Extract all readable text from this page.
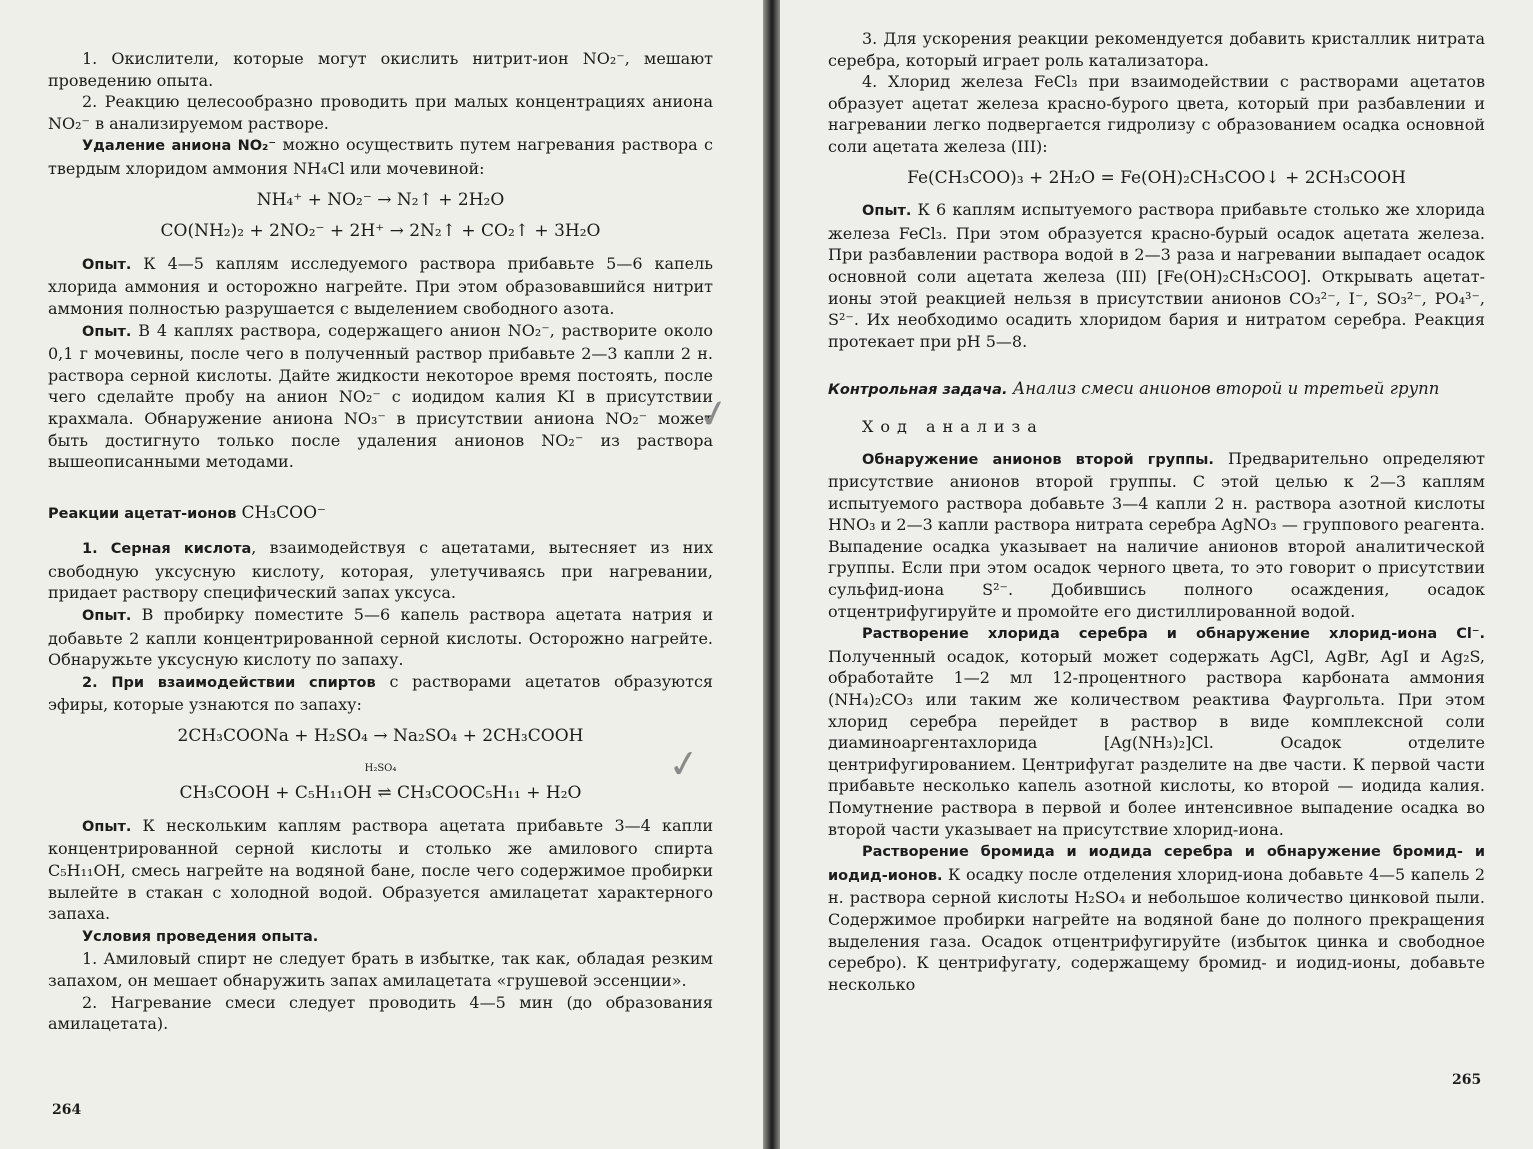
1. Окислители, которые могут окислить нитрит-ион NO₂⁻, мешают проведению опыта.

2. Реакцию целесообразно проводить при малых концентрациях аниона NO₂⁻ в анализируемом растворе.

Удаление аниона NO₂⁻ можно осуществить путем нагревания раствора с твердым хлоридом аммония NH₄Cl или мочевиной:

NH₄⁺ + NO₂⁻ → N₂↑ + 2H₂O

CO(NH₂)₂ + 2NO₂⁻ + 2H⁺ → 2N₂↑ + CO₂↑ + 3H₂O

Опыт. К 4—5 каплям исследуемого раствора прибавьте 5—6 капель хлорида аммония и осторожно нагрейте. При этом образовавшийся нитрит аммония полностью разрушается с выделением свободного азота.

Опыт. В 4 каплях раствора, содержащего анион NO₂⁻, растворите около 0,1 г мочевины, после чего в полученный раствор прибавьте 2—3 капли 2 н. раствора серной кислоты. Дайте жидкости некоторое время постоять, после чего сделайте пробу на анион NO₂⁻ с иодидом калия KI в присутствии крахмала. Обнаружение аниона NO₃⁻ в присутствии аниона NO₂⁻ может быть достигнуто только после удаления анионов NO₂⁻ из раствора вышеописанными методами.

Реакции ацетат-ионов CH₃COO⁻

1. Серная кислота, взаимодействуя с ацетатами, вытесняет из них свободную уксусную кислоту, которая, улетучиваясь при нагревании, придает раствору специфический запах уксуса.

Опыт. В пробирку поместите 5—6 капель раствора ацетата натрия и добавьте 2 капли концентрированной серной кислоты. Осторожно нагрейте. Обнаружьте уксусную кислоту по запаху.

2. При взаимодействии спиртов с растворами ацетатов образуются эфиры, которые узнаются по запаху:

2CH₃COONa + H₂SO₄ → Na₂SO₄ + 2CH₃COOH

H₂SO₄

CH₃COOH + C₅H₁₁OH ⇌ CH₃COOC₅H₁₁ + H₂O

Опыт. К нескольким каплям раствора ацетата прибавьте 3—4 капли концентрированной серной кислоты и столько же амилового спирта C₅H₁₁OH, смесь нагрейте на водяной бане, после чего содержимое пробирки вылейте в стакан с холодной водой. Образуется амилацетат характерного запаха.

Условия проведения опыта.

1. Амиловый спирт не следует брать в избытке, так как, обладая резким запахом, он мешает обнаружить запах амилацетата «грушевой эссенции».

2. Нагревание смеси следует проводить 4—5 мин (до образования амилацетата).

3. Для ускорения реакции рекомендуется добавить кристаллик нитрата серебра, который играет роль катализатора.

4. Хлорид железа FeCl₃ при взаимодействии с растворами ацетатов образует ацетат железа красно-бурого цвета, который при разбавлении и нагревании легко подвергается гидролизу с образованием осадка основной соли ацетата железа (III):

Fe(CH₃COO)₃ + 2H₂O = Fe(OH)₂CH₃COO↓ + 2CH₃COOH

Опыт. К 6 каплям испытуемого раствора прибавьте столько же хлорида железа FeCl₃. При этом образуется красно-бурый осадок ацетата железа. При разбавлении раствора водой в 2—3 раза и нагревании выпадает осадок основной соли ацетата железа (III) [Fe(OH)₂CH₃COO]. Открывать ацетат-ионы этой реакцией нельзя в присутствии анионов CO₃²⁻, I⁻, SO₃²⁻, PO₄³⁻, S²⁻. Их необходимо осадить хлоридом бария и нитратом серебра. Реакция протекает при pH 5—8.

Контрольная задача. Анализ смеси анионов второй и третьей групп

Ход анализа

Обнаружение анионов второй группы. Предварительно определяют присутствие анионов второй группы. С этой целью к 2—3 каплям испытуемого раствора добавьте 3—4 капли 2 н. раствора азотной кислоты HNO₃ и 2—3 капли раствора нитрата серебра AgNO₃ — группового реагента. Выпадение осадка указывает на наличие анионов второй аналитической группы. Если при этом осадок черного цвета, то это говорит о присутствии сульфид-иона S²⁻. Добившись полного осаждения, осадок отцентрифугируйте и промойте его дистиллированной водой.

Растворение хлорида серебра и обнаружение хлорид-иона Cl⁻. Полученный осадок, который может содержать AgCl, AgBr, AgI и Ag₂S, обработайте 1—2 мл 12-процентного раствора карбоната аммония (NH₄)₂CO₃ или таким же количеством реактива Фаургольта. При этом хлорид серебра перейдет в раствор в виде комплексной соли диаминоаргентахлорида [Ag(NH₃)₂]Cl. Осадок отделите центрифугированием. Центрифугат разделите на две части. К первой части прибавьте несколько капель азотной кислоты, ко второй — иодида калия. Помутнение раствора в первой и более интенсивное выпадение осадка во второй части указывает на присутствие хлорид-иона.

Растворение бромида и иодида серебра и обнаружение бромид- и иодид-ионов. К осадку после отделения хлорид-иона добавьте 4—5 капель 2 н. раствора серной кислоты H₂SO₄ и небольшое количество цинковой пыли. Содержимое пробирки нагрейте на водяной бане до полного прекращения выделения газа. Осадок отцентрифугируйте (избыток цинка и свободное серебро). К центрифугату, содержащему бромид- и иодид-ионы, добавьте несколько

264
265
✓
✓
